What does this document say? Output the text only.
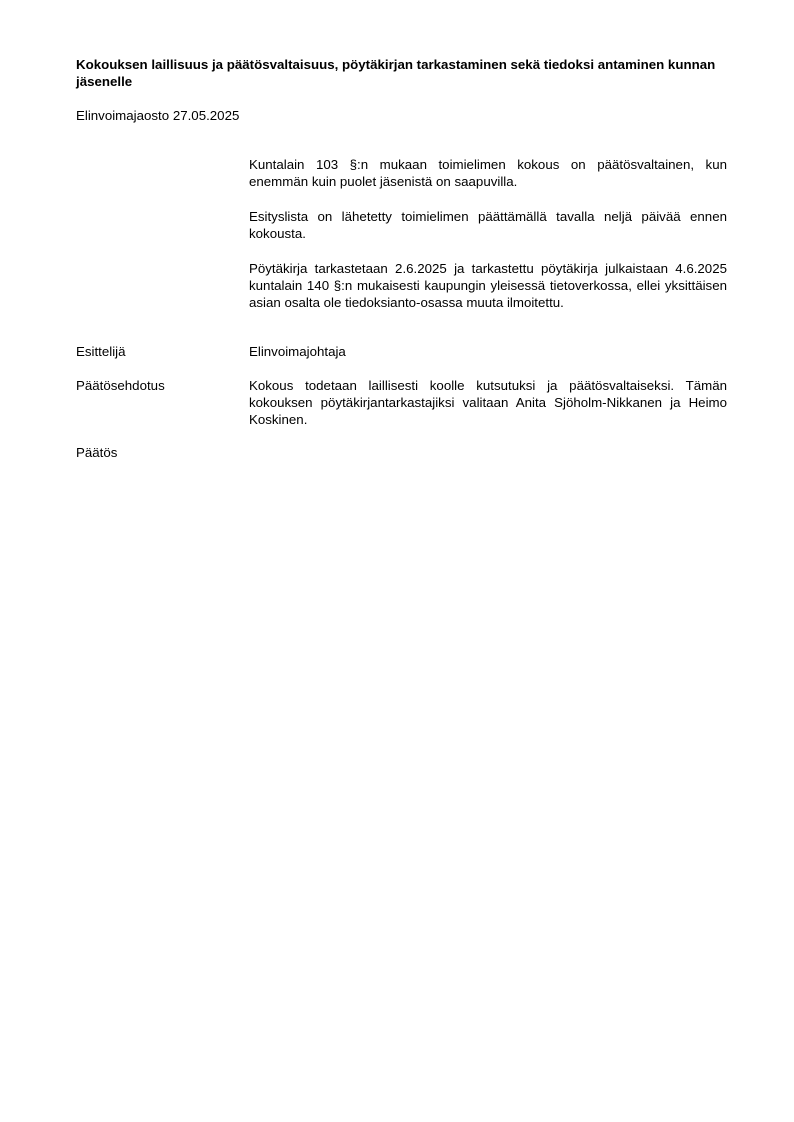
Kokouksen laillisuus ja päätösvaltaisuus, pöytäkirjan tarkastaminen sekä tiedoksi antaminen kunnan jäsenelle

Elinvoimajaosto 27.05.2025

Kuntalain 103 §:n mukaan toimielimen kokous on päätösvaltainen, kun enemmän kuin puolet jäsenistä on saapuvilla.

Esityslista on lähetetty toimielimen päättämällä tavalla neljä päivää ennen kokousta.

Pöytäkirja tarkastetaan 2.6.2025 ja tarkastettu pöytäkirja julkaistaan 4.6.2025 kuntalain 140 §:n mukaisesti kaupungin yleisessä tietoverkossa, ellei yksittäisen asian osalta ole tiedoksianto-osassa muuta ilmoitettu.

Esittelijä	Elinvoimajohtaja
Päätösehdotus	Kokous todetaan laillisesti koolle kutsutuksi ja päätösvaltaiseksi. Tämän kokouksen pöytäkirjantarkastajiksi valitaan Anita Sjöholm-Nikkanen ja Heimo Koskinen.
Päätös
